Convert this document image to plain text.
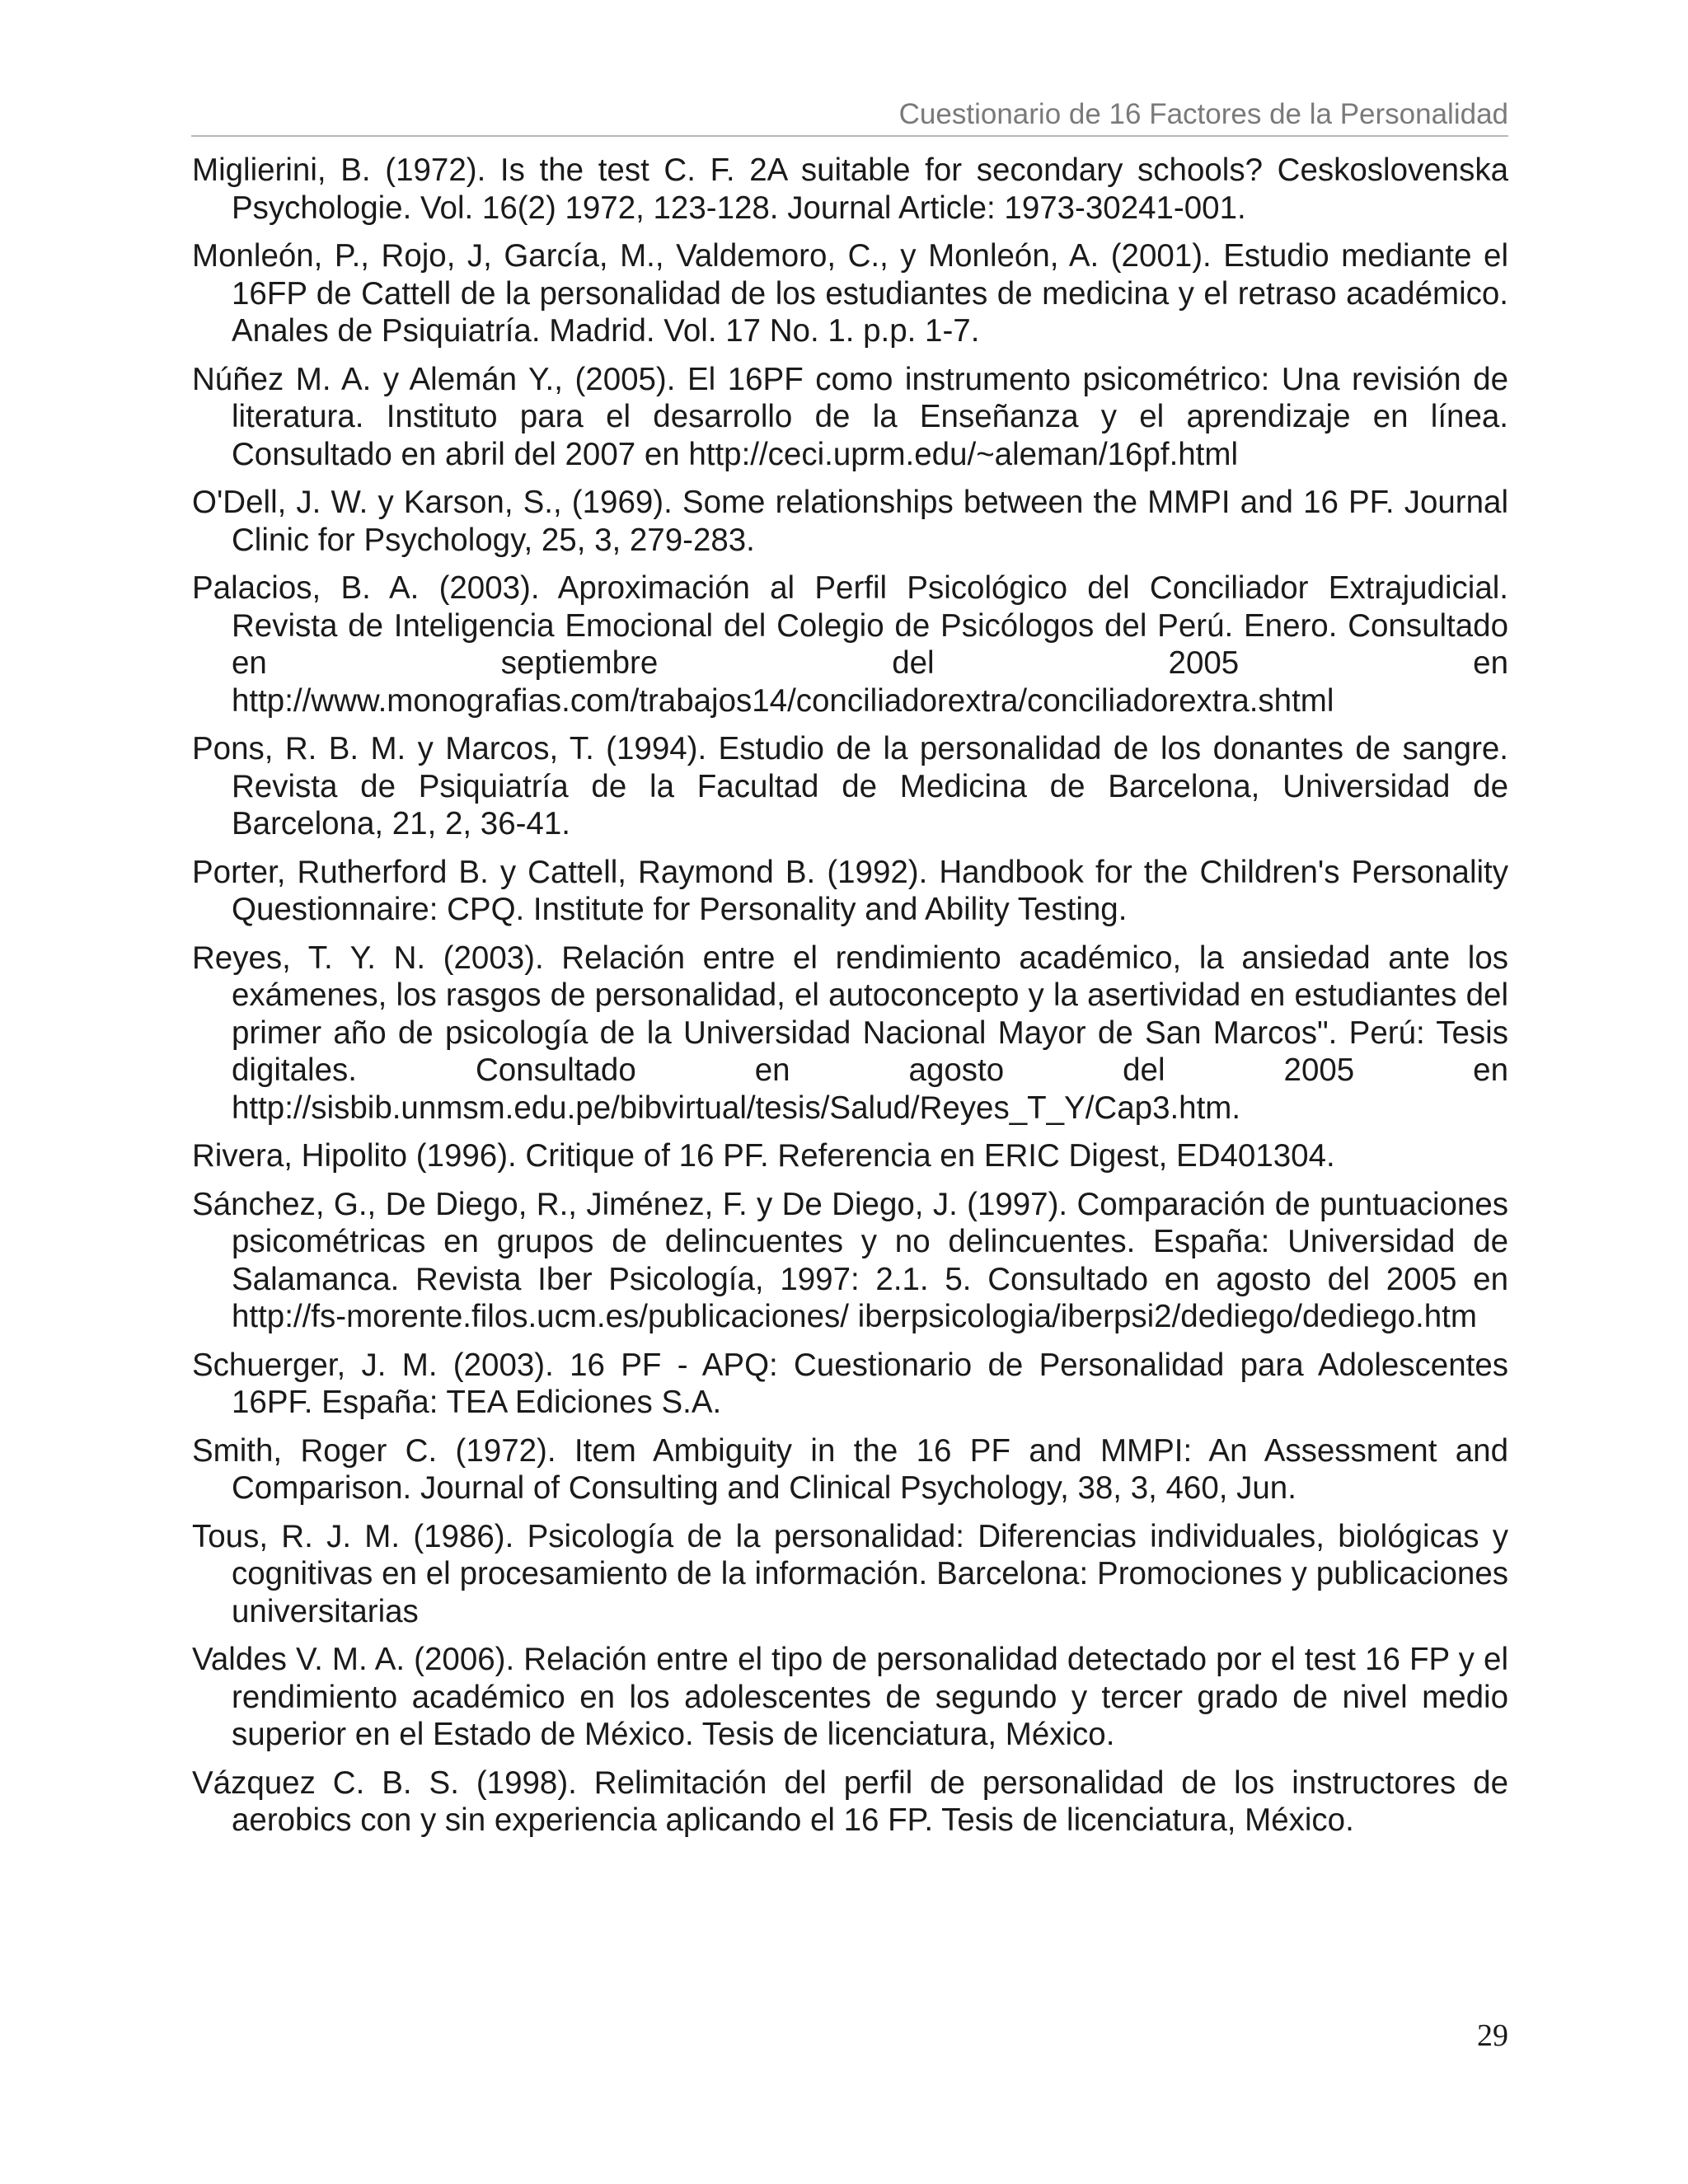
Cuestionario de 16 Factores de la Personalidad
Miglierini, B. (1972). Is the test C. F. 2A suitable for secondary schools? Ceskoslovenska Psychologie. Vol. 16(2) 1972, 123-128. Journal Article: 1973-30241-001.
Monleón, P., Rojo, J, García, M., Valdemoro, C., y Monleón, A. (2001). Estudio mediante el 16FP de Cattell de la personalidad de los estudiantes de medicina y el retraso académico. Anales de Psiquiatría. Madrid. Vol. 17 No. 1. p.p. 1-7.
Núñez M. A. y Alemán Y., (2005). El 16PF como instrumento psicométrico: Una revisión de literatura. Instituto para el desarrollo de la Enseñanza y el aprendizaje en línea. Consultado en abril del 2007 en http://ceci.uprm.edu/~aleman/16pf.html
O'Dell, J. W. y Karson, S., (1969). Some relationships between the MMPI and 16 PF. Journal Clinic for Psychology, 25, 3, 279-283.
Palacios, B. A. (2003). Aproximación al Perfil Psicológico del Conciliador Extrajudicial. Revista de Inteligencia Emocional del Colegio de Psicólogos del Perú. Enero. Consultado en septiembre del 2005 en http://www.monografias.com/trabajos14/conciliadorextra/conciliadorextra.shtml
Pons, R. B. M. y Marcos, T. (1994). Estudio de la personalidad de los donantes de sangre. Revista de Psiquiatría de la Facultad de Medicina de Barcelona, Universidad de Barcelona, 21, 2, 36-41.
Porter, Rutherford B. y Cattell, Raymond B. (1992). Handbook for the Children's Personality Questionnaire: CPQ. Institute for Personality and Ability Testing.
Reyes, T. Y. N. (2003). Relación entre el rendimiento académico, la ansiedad ante los exámenes, los rasgos de personalidad, el autoconcepto y la asertividad en estudiantes del primer año de psicología de la Universidad Nacional Mayor de San Marcos". Perú: Tesis digitales. Consultado en agosto del 2005 en http://sisbib.unmsm.edu.pe/bibvirtual/tesis/Salud/Reyes_T_Y/Cap3.htm.
Rivera, Hipolito (1996). Critique of 16 PF. Referencia en ERIC Digest, ED401304.
Sánchez, G., De Diego, R., Jiménez, F. y De Diego, J. (1997). Comparación de puntuaciones psicométricas en grupos de delincuentes y no delincuentes. España: Universidad de Salamanca. Revista Iber Psicología, 1997: 2.1. 5. Consultado en agosto del 2005 en http://fs-morente.filos.ucm.es/publicaciones/ iberpsicologia/iberpsi2/dediego/dediego.htm
Schuerger, J. M. (2003). 16 PF - APQ: Cuestionario de Personalidad para Adolescentes 16PF. España: TEA Ediciones S.A.
Smith, Roger C. (1972). Item Ambiguity in the 16 PF and MMPI: An Assessment and Comparison. Journal of Consulting and Clinical Psychology, 38, 3, 460, Jun.
Tous, R. J. M. (1986). Psicología de la personalidad: Diferencias individuales, biológicas y cognitivas en el procesamiento de la información. Barcelona: Promociones y publicaciones universitarias
Valdes V. M. A. (2006). Relación entre el tipo de personalidad detectado por el test 16 FP y el rendimiento académico en los adolescentes de segundo y tercer grado de nivel medio superior en el Estado de México. Tesis de licenciatura, México.
Vázquez C. B. S. (1998). Relimitación del perfil de personalidad de los instructores de aerobics con y sin experiencia aplicando el 16 FP. Tesis de licenciatura, México.
29
